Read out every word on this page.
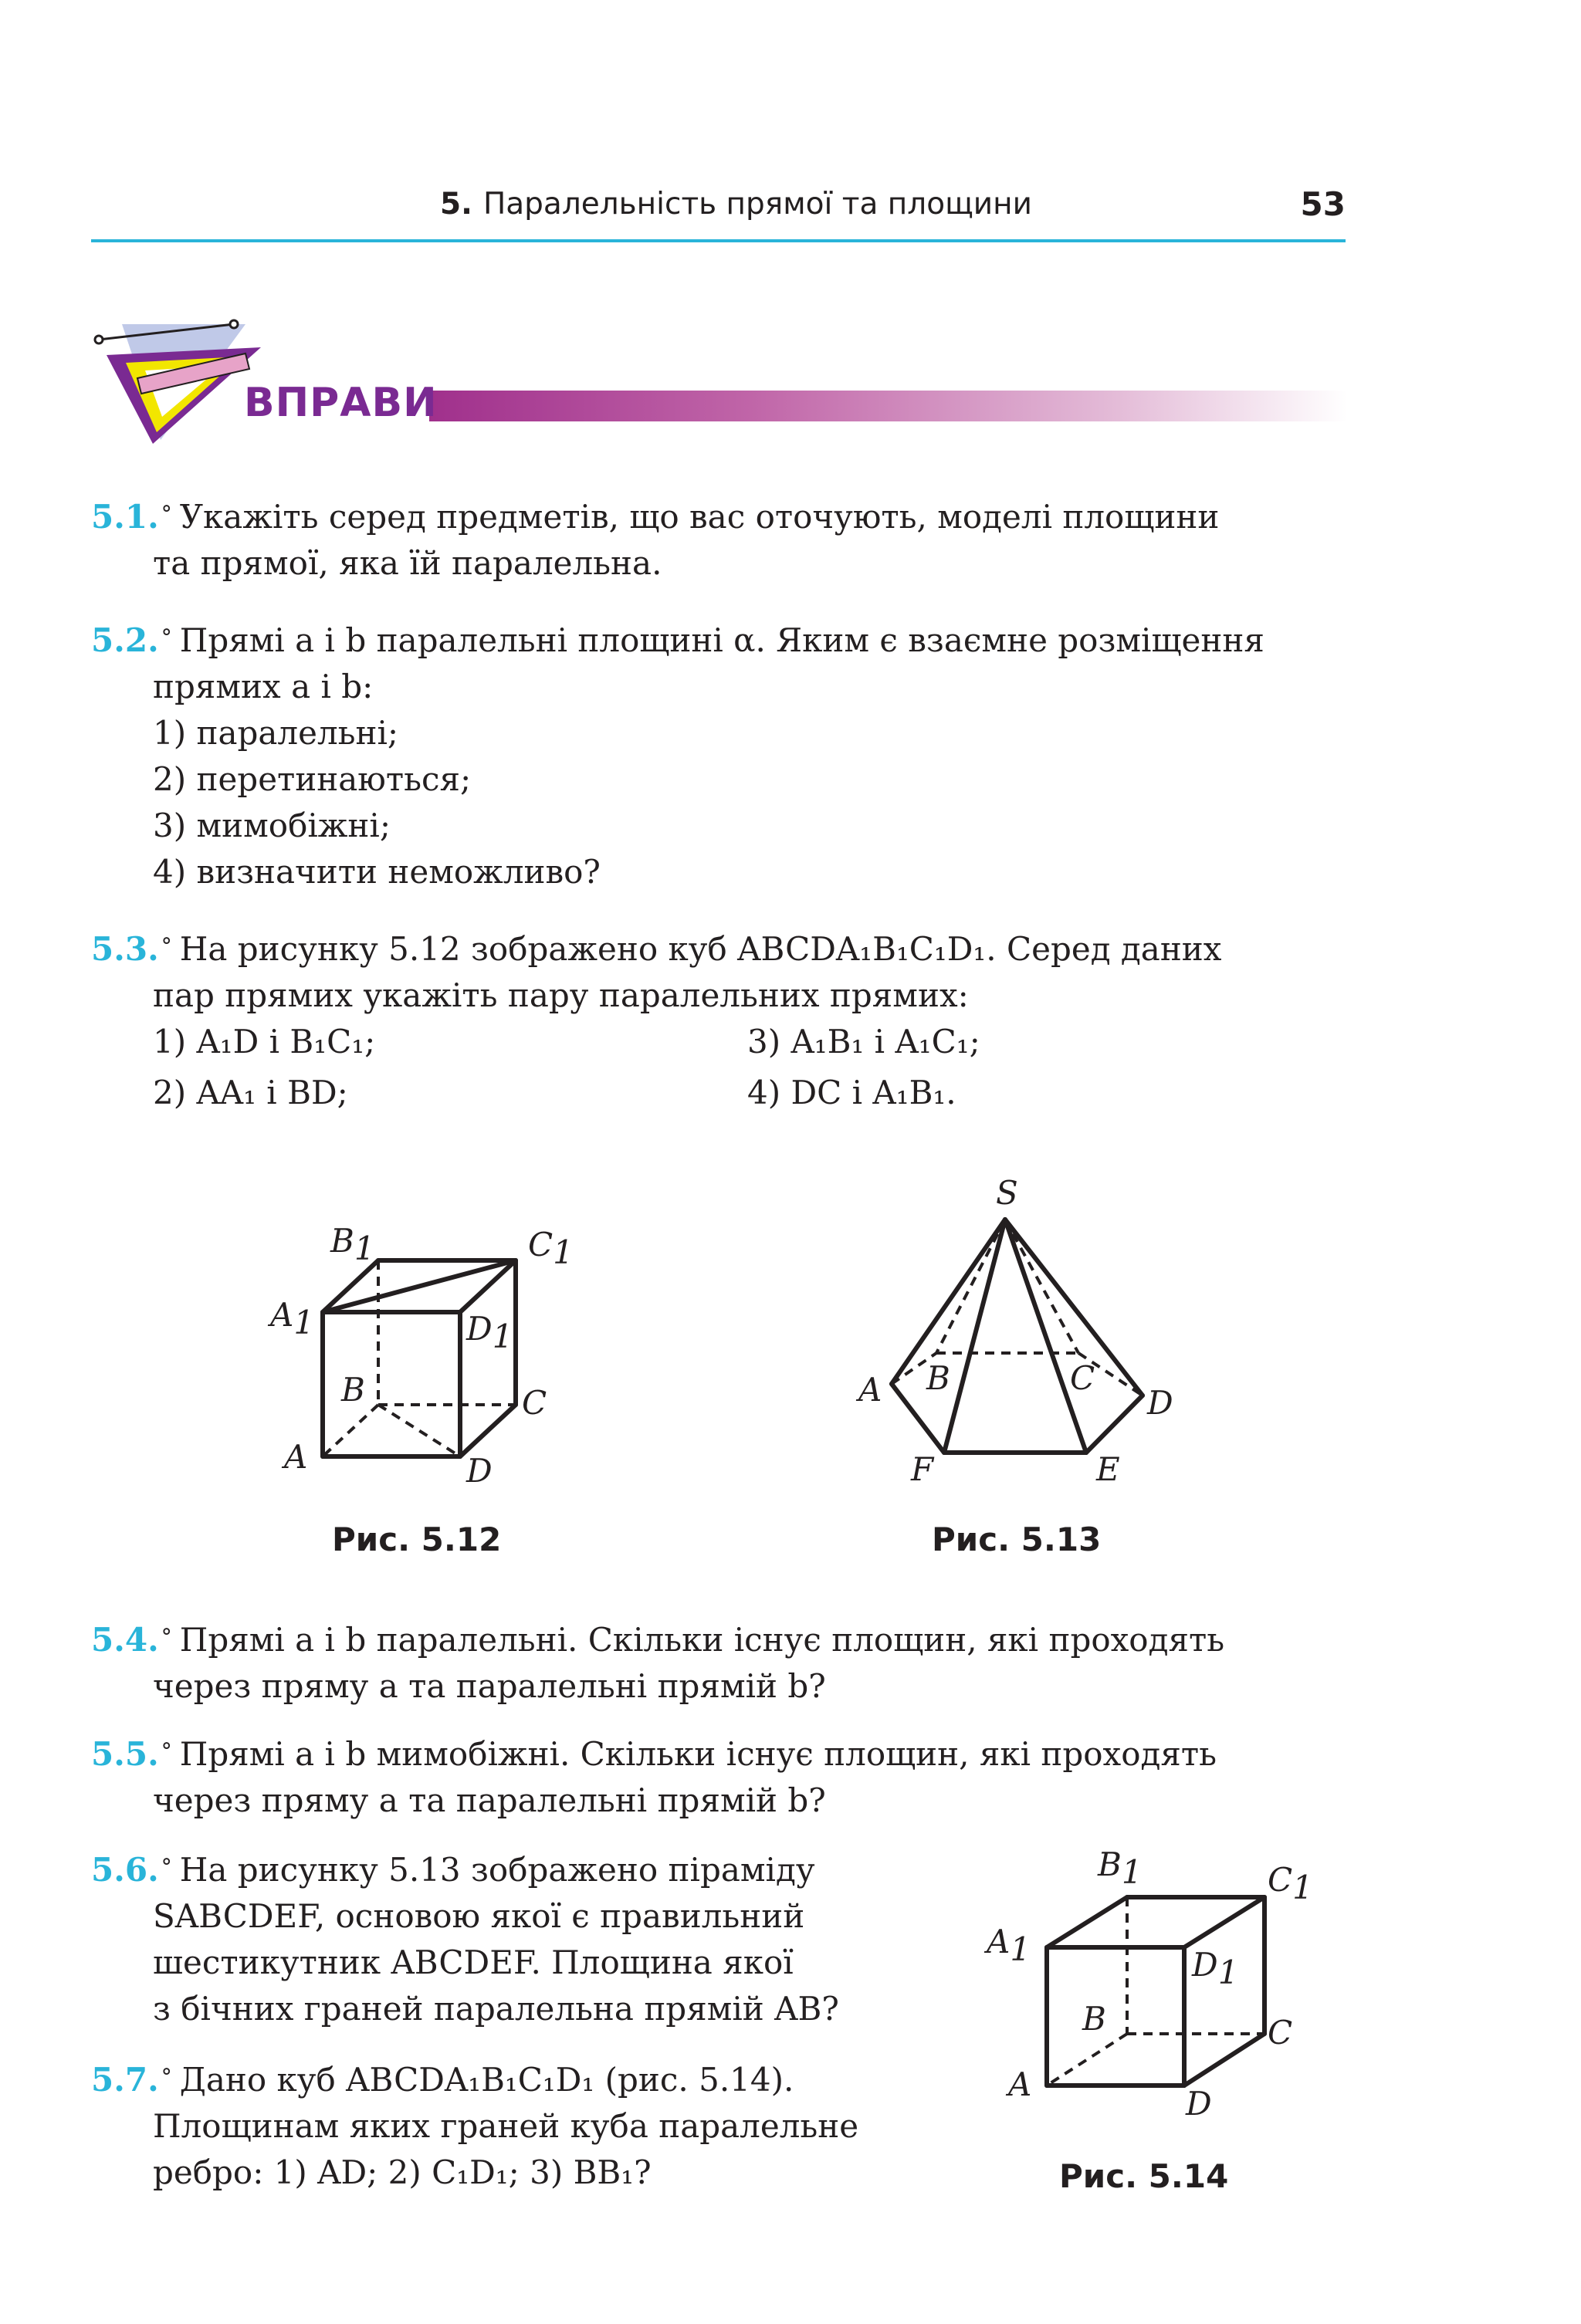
5. Паралельність прямої та площини	53
ВПРАВИ
5.1. ° Укажіть серед предметів, що вас оточують, моделі площини
та прямої, яка їй паралельна.
5.2. ° Прямі a і b паралельні площині α. Яким є взаємне розміщення
прямих a і b:
1) паралельні;
2) перетинаються;
3) мимобіжні;
4) визначити неможливо?
5.3. ° На рисунку 5.12 зображено куб ABCDA₁B₁C₁D₁. Серед даних
пар прямих укажіть пару паралельних прямих:
1) A₁D і B₁C₁;	3) A₁B₁ і A₁C₁;
2) AA₁ і BD;	4) DC і A₁B₁.
B1	C1
A1	D1
B	C
A	D
Рис. 5.12
S
A B	C
D
E
F
Рис. 5.13
5.4. ° Прямі a і b паралельні. Скільки існує площин, які проходять
через пряму a та паралельні прямій b?
5.5. ° Прямі a і b мимобіжні. Скільки існує площин, які проходять
через пряму a та паралельні прямій b?
5.6. ° На рисунку 5.13 зображено піраміду
SABCDEF, основою якої є правильний
шестикутник ABCDEF. Площина якої
з бічних граней паралельна прямій AB?
5.7. ° Дано куб ABCDA₁B₁C₁D₁ (рис. 5.14).
Площинам яких граней куба паралельне
ребро: 1) AD; 2) C₁D₁; 3) BB₁?
B1	C1
A1	D1
B	C
A
D
Рис. 5.14
